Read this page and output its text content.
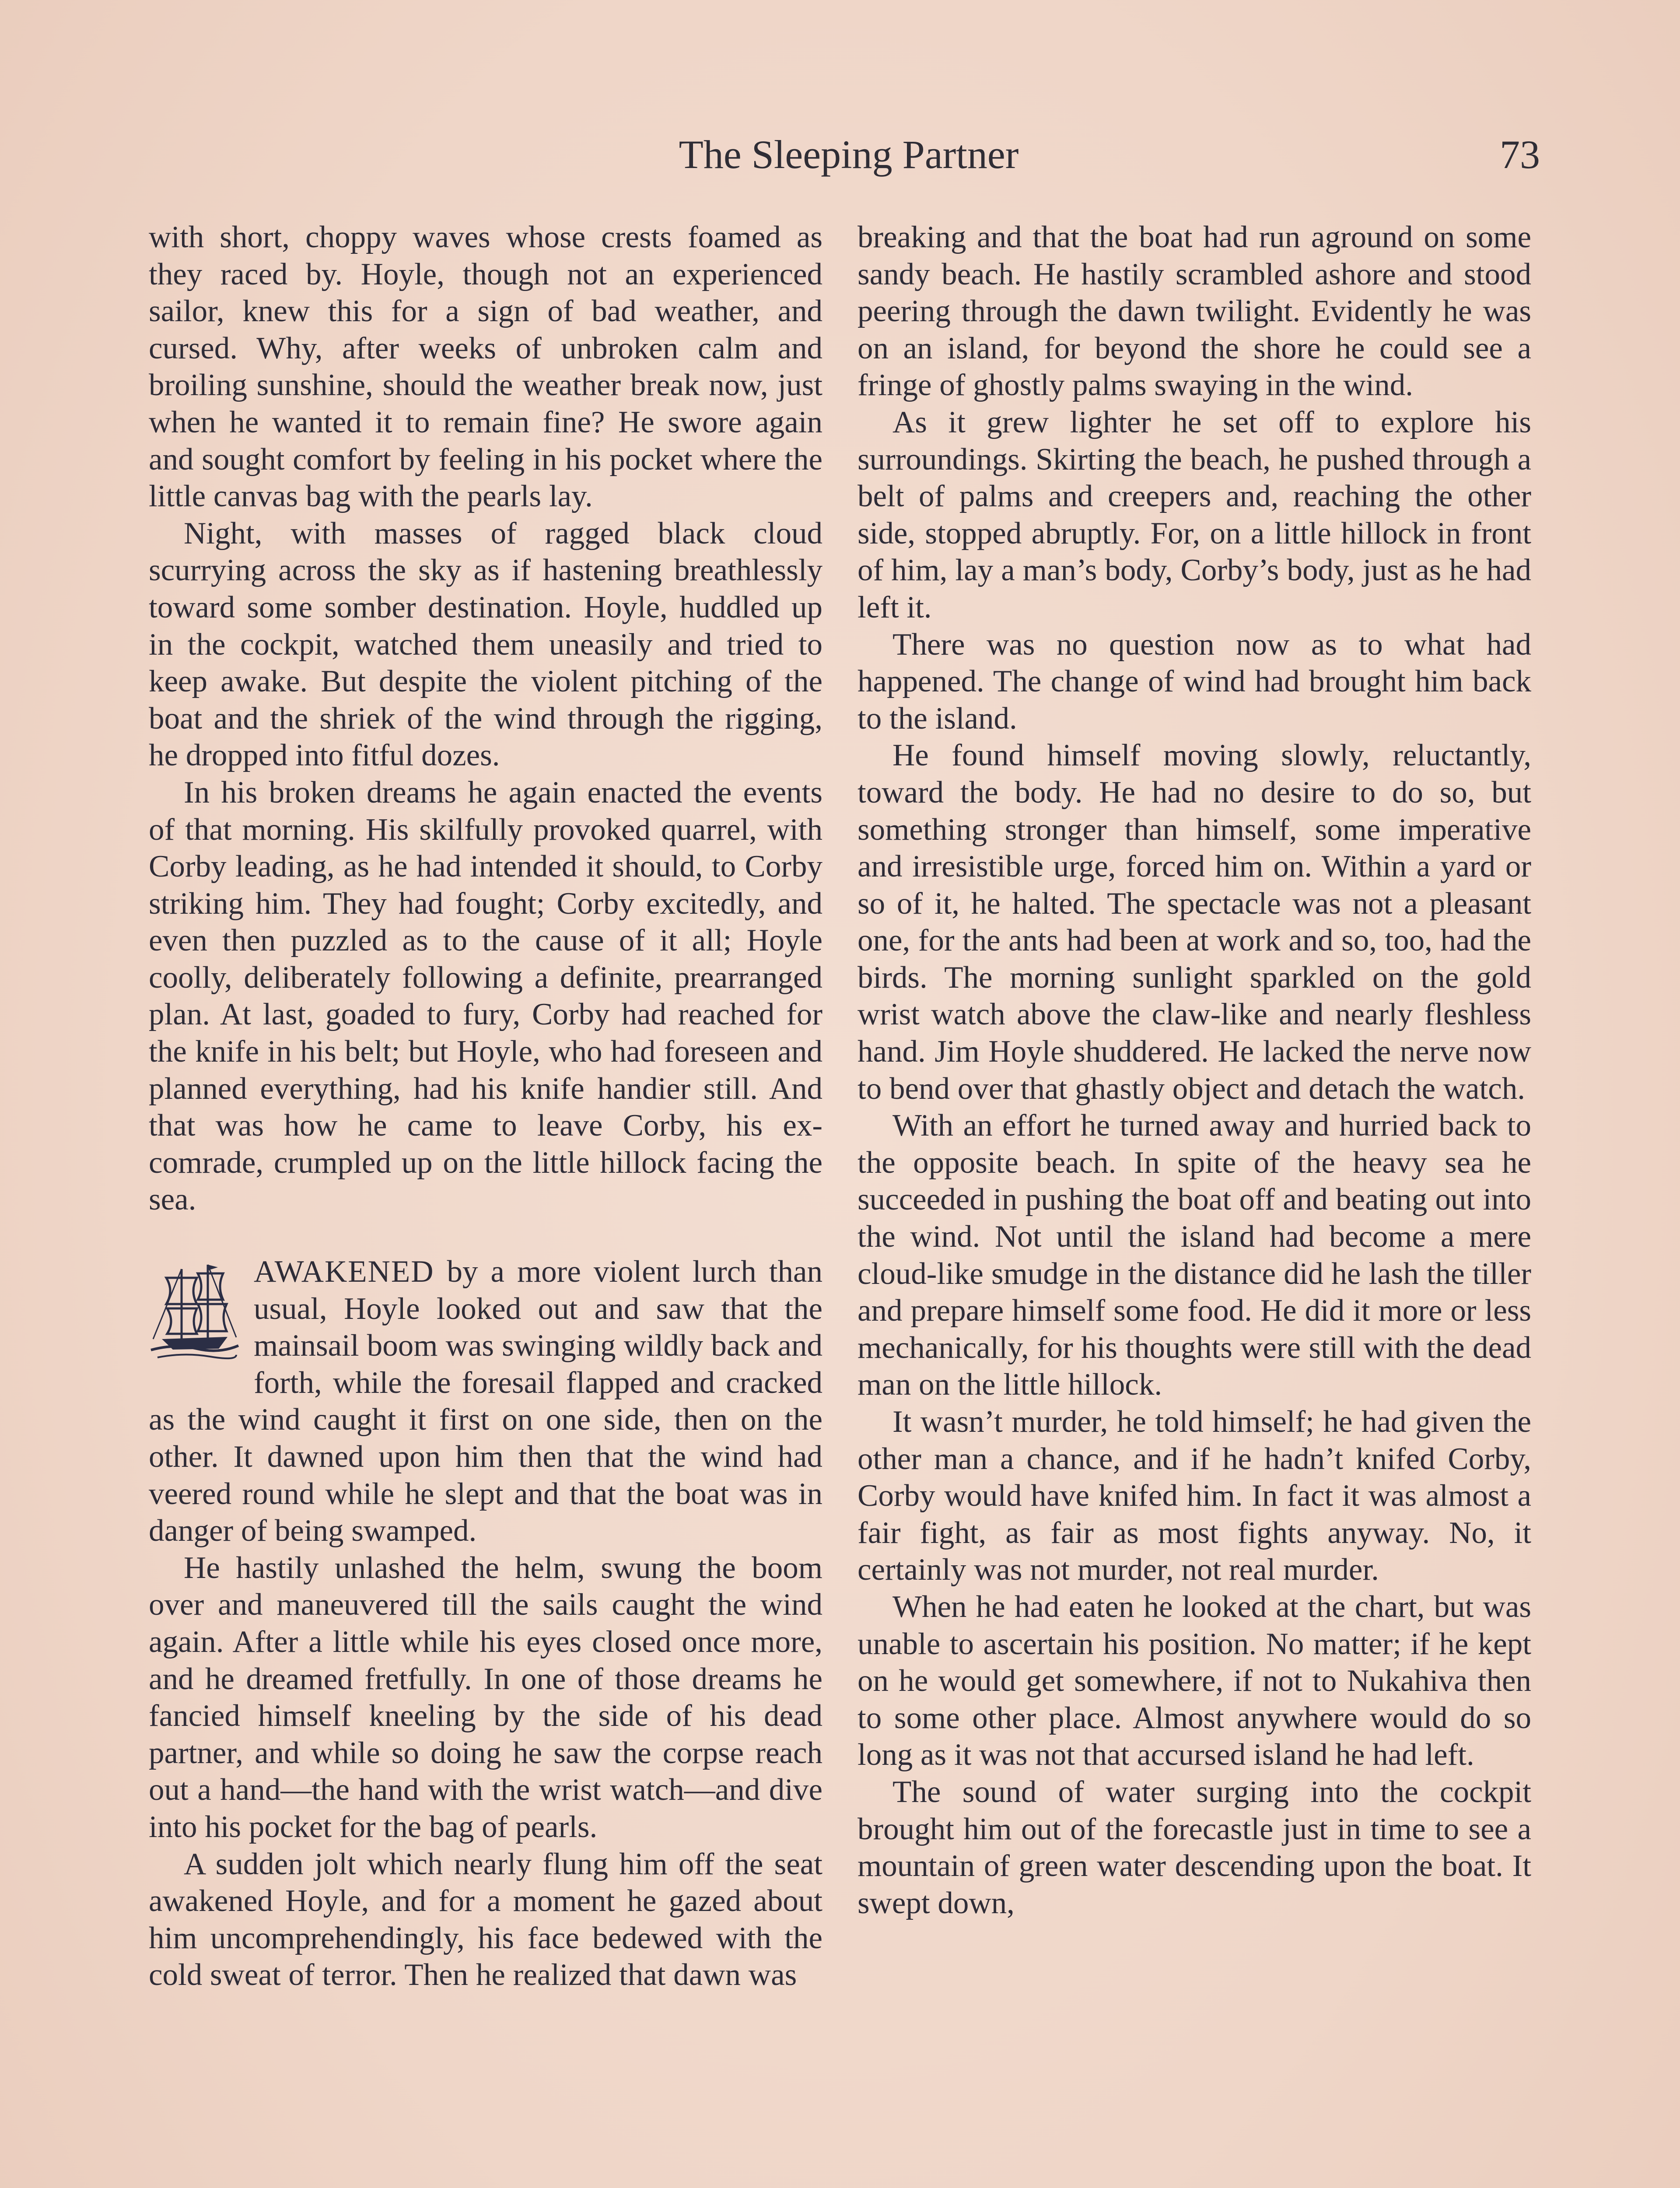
The Sleeping Partner	73

with short, choppy waves whose crests foamed as they raced by. Hoyle, though not an experienced sailor, knew this for a sign of bad weather, and cursed. Why, after weeks of unbroken calm and broiling sunshine, should the weather break now, just when he wanted it to remain fine? He swore again and sought comfort by feeling in his pocket where the little canvas bag with the pearls lay.

Night, with masses of ragged black cloud scurrying across the sky as if hastening breathlessly toward some somber destination. Hoyle, huddled up in the cockpit, watched them uneasily and tried to keep awake. But despite the violent pitching of the boat and the shriek of the wind through the rigging, he dropped into fitful dozes.

In his broken dreams he again enacted the events of that morning. His skilfully provoked quarrel, with Corby leading, as he had intended it should, to Corby striking him. They had fought; Corby excitedly, and even then puzzled as to the cause of it all; Hoyle coolly, deliberately following a definite, prearranged plan. At last, goaded to fury, Corby had reached for the knife in his belt; but Hoyle, who had foreseen and planned everything, had his knife handier still. And that was how he came to leave Corby, his ex-comrade, crumpled up on the little hillock facing the sea.

AWAKENED by a more violent lurch than usual, Hoyle looked out and saw that the mainsail boom was swinging wildly back and forth, while the foresail flapped and cracked as the wind caught it first on one side, then on the other. It dawned upon him then that the wind had veered round while he slept and that the boat was in danger of being swamped.

He hastily unlashed the helm, swung the boom over and maneuvered till the sails caught the wind again. After a little while his eyes closed once more, and he dreamed fretfully. In one of those dreams he fancied himself kneeling by the side of his dead partner, and while so doing he saw the corpse reach out a hand—the hand with the wrist watch—and dive into his pocket for the bag of pearls.

A sudden jolt which nearly flung him off the seat awakened Hoyle, and for a moment he gazed about him uncomprehendingly, his face bedewed with the cold sweat of terror. Then he realized that dawn was

breaking and that the boat had run aground on some sandy beach. He hastily scrambled ashore and stood peering through the dawn twilight. Evidently he was on an island, for beyond the shore he could see a fringe of ghostly palms swaying in the wind.

As it grew lighter he set off to explore his surroundings. Skirting the beach, he pushed through a belt of palms and creepers and, reaching the other side, stopped abruptly. For, on a little hillock in front of him, lay a man’s body, Corby’s body, just as he had left it.

There was no question now as to what had happened. The change of wind had brought him back to the island.

He found himself moving slowly, reluctantly, toward the body. He had no desire to do so, but something stronger than himself, some imperative and irresistible urge, forced him on. Within a yard or so of it, he halted. The spectacle was not a pleasant one, for the ants had been at work and so, too, had the birds. The morning sunlight sparkled on the gold wrist watch above the claw-like and nearly fleshless hand. Jim Hoyle shuddered. He lacked the nerve now to bend over that ghastly object and detach the watch.

With an effort he turned away and hurried back to the opposite beach. In spite of the heavy sea he succeeded in pushing the boat off and beating out into the wind. Not until the island had become a mere cloud-like smudge in the distance did he lash the tiller and prepare himself some food. He did it more or less mechanically, for his thoughts were still with the dead man on the little hillock.

It wasn’t murder, he told himself; he had given the other man a chance, and if he hadn’t knifed Corby, Corby would have knifed him. In fact it was almost a fair fight, as fair as most fights anyway. No, it certainly was not murder, not real murder.

When he had eaten he looked at the chart, but was unable to ascertain his position. No matter; if he kept on he would get somewhere, if not to Nukahiva then to some other place. Almost anywhere would do so long as it was not that accursed island he had left.

The sound of water surging into the cockpit brought him out of the forecastle just in time to see a mountain of green water descending upon the boat. It swept down,
